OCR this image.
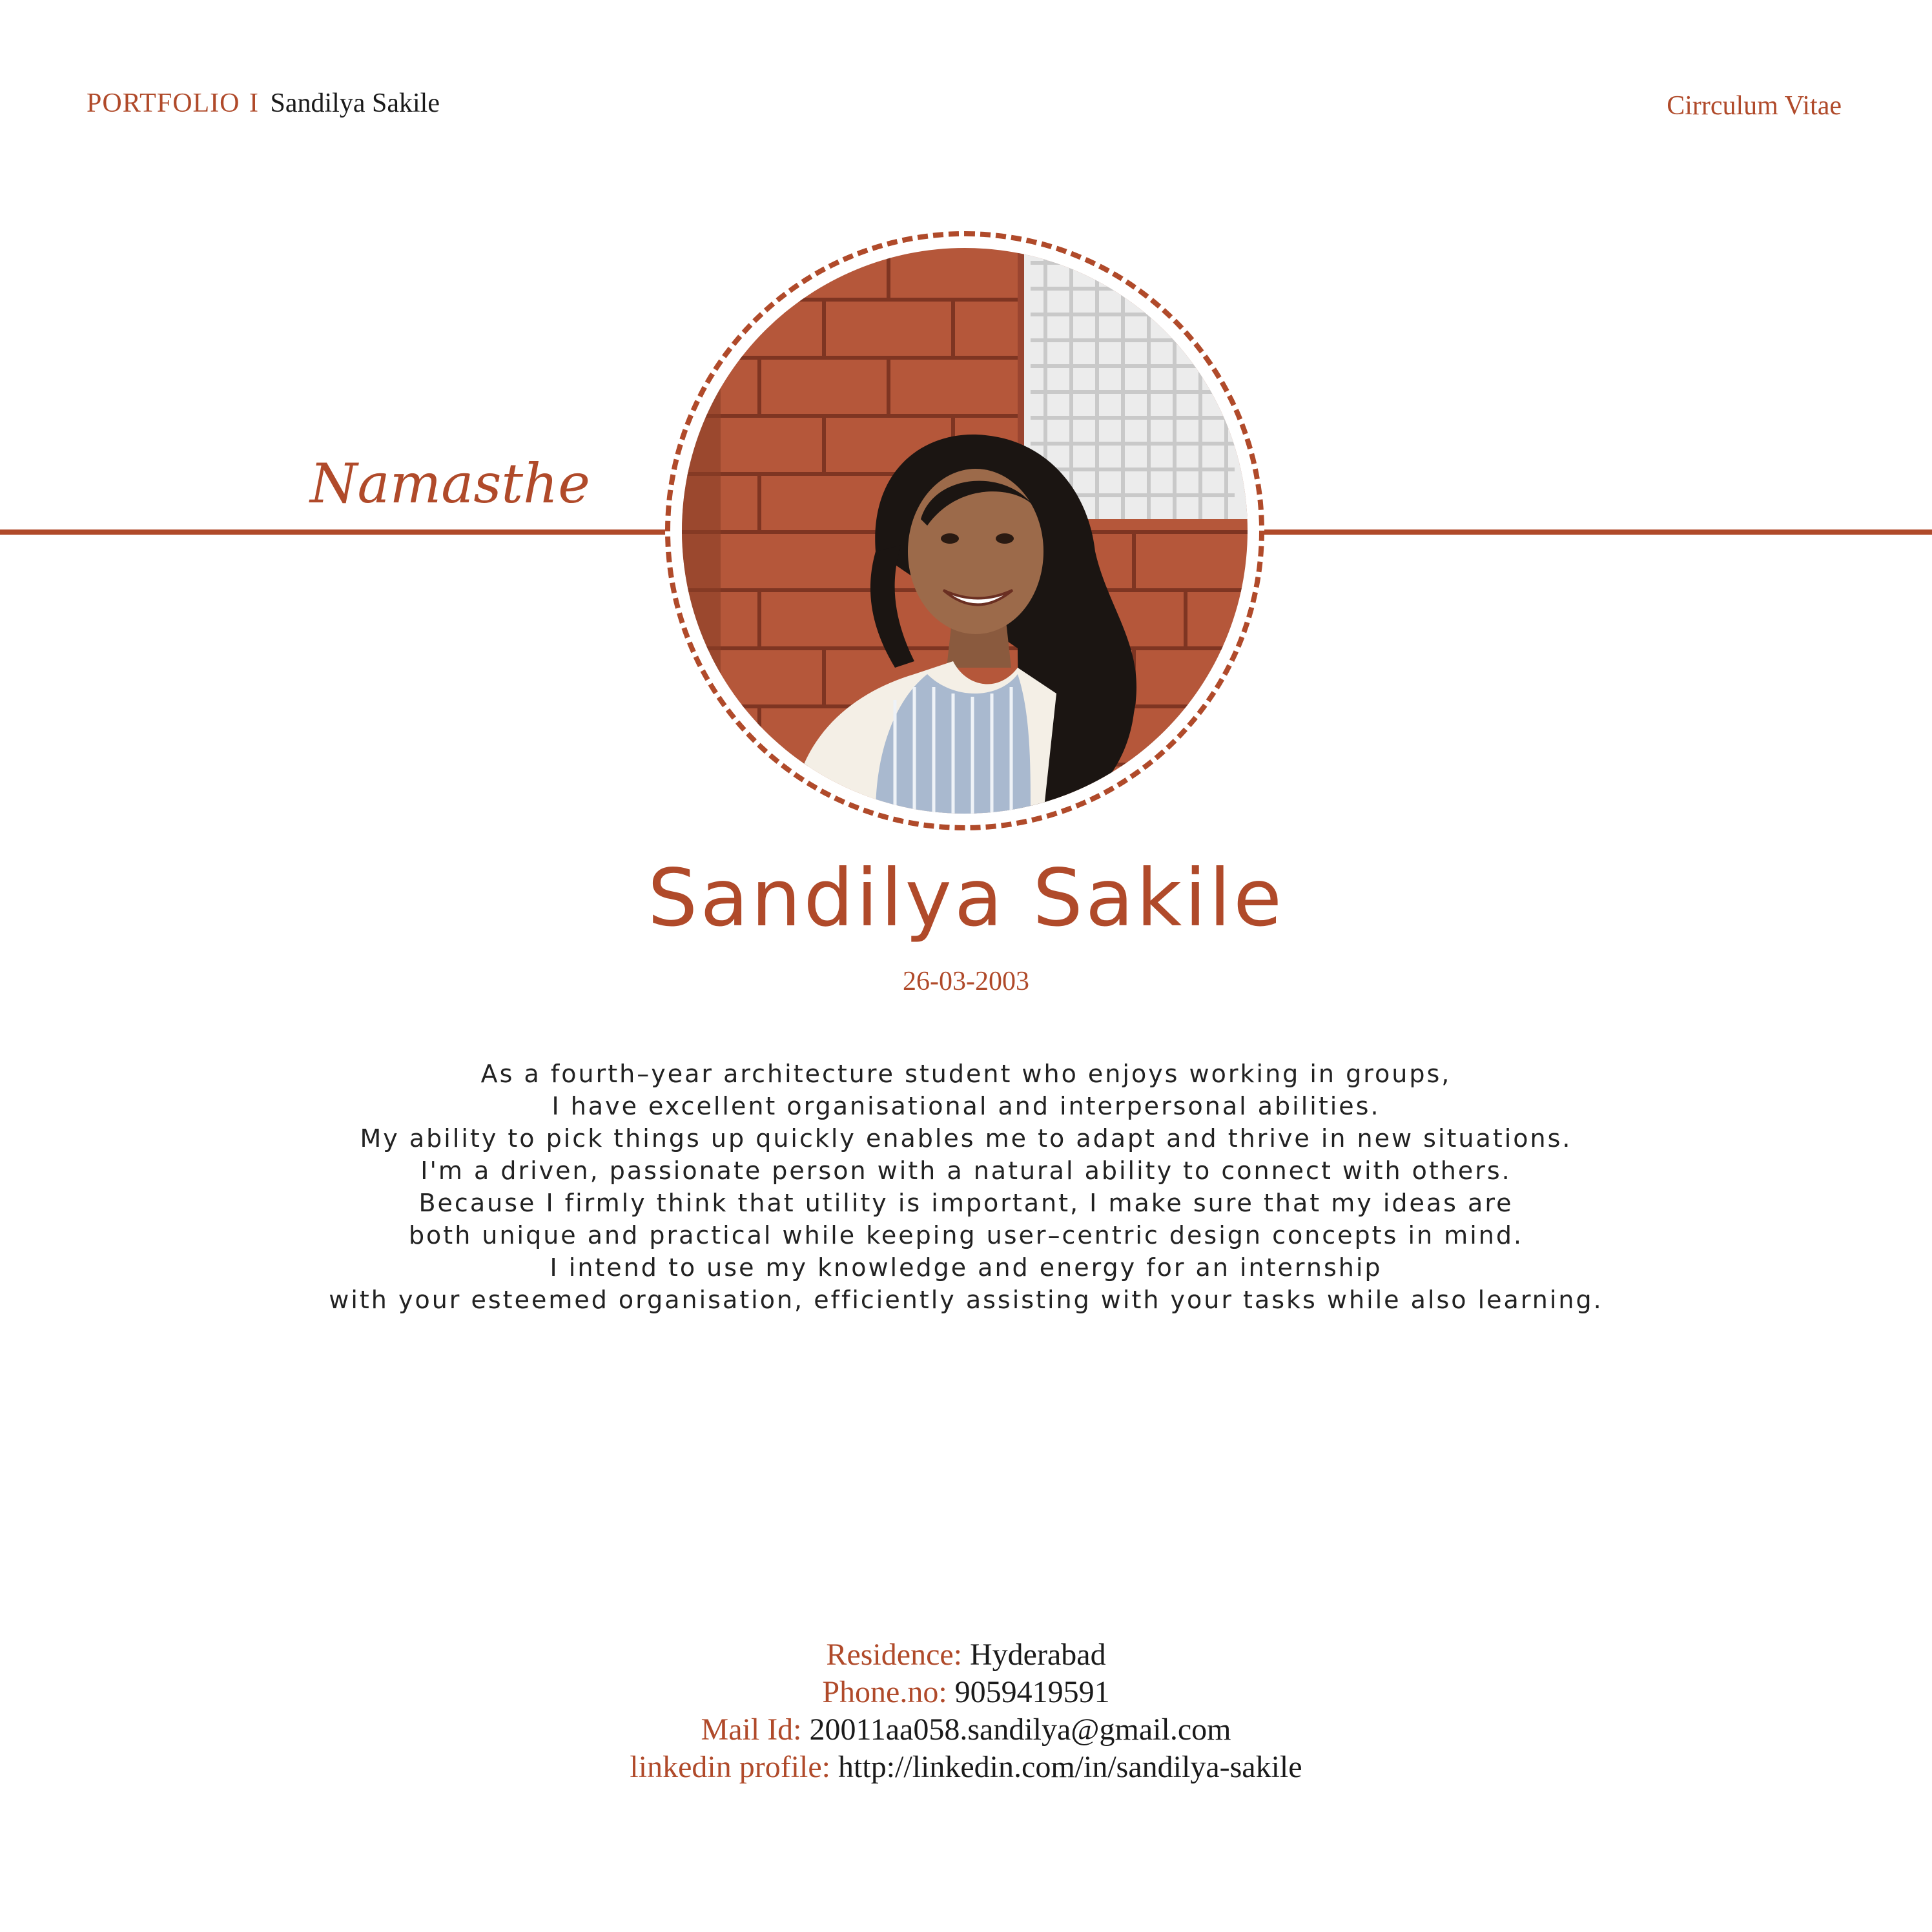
PORTFOLIO I Sandilya Sakile	Cirrculum Vitae
Namasthe
Sandilya Sakile
26-03-2003
As a fourth–year architecture student who enjoys working in groups,
I have excellent organisational and interpersonal abilities.
My ability to pick things up quickly enables me to adapt and thrive in new situations.
I'm a driven, passionate person with a natural ability to connect with others.
Because I firmly think that utility is important, I make sure that my ideas are
both unique and practical while keeping user–centric design concepts in mind.
I intend to use my knowledge and energy for an internship
with your esteemed organisation, efficiently assisting with your tasks while also learning.
Residence: Hyderabad
Phone.no: 9059419591
Mail Id: 20011aa058.sandilya@gmail.com
linkedin profile: http://linkedin.com/in/sandilya-sakile
